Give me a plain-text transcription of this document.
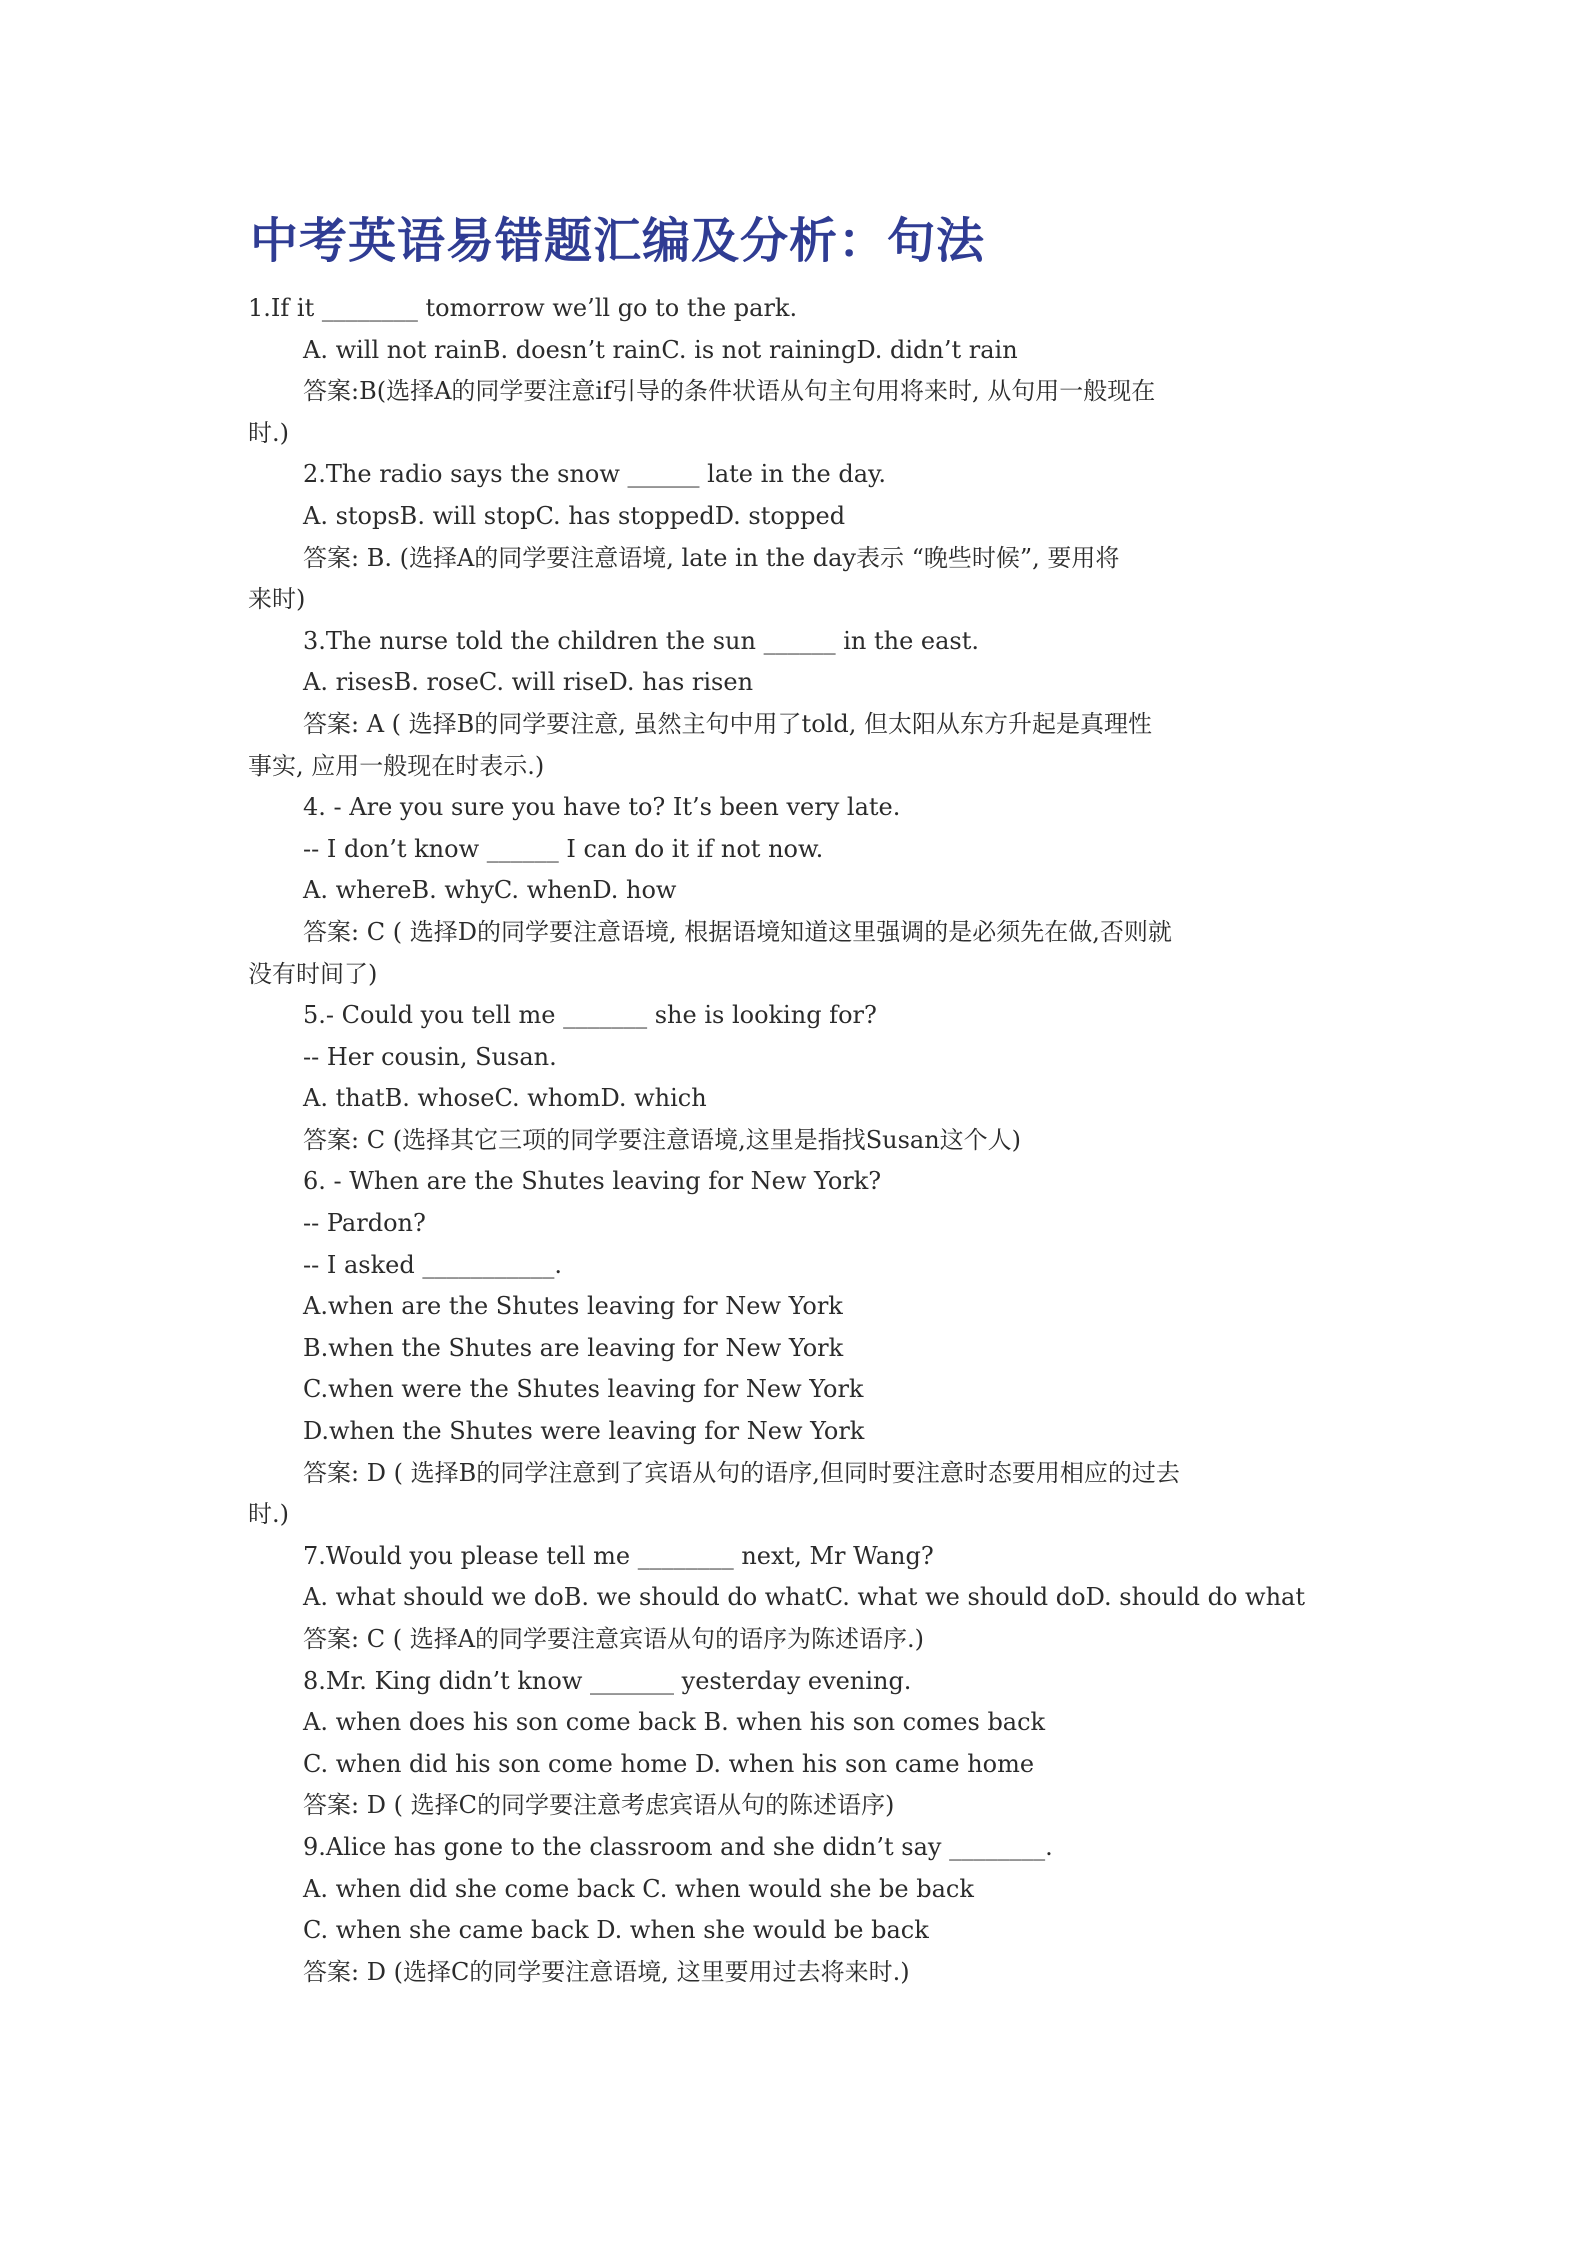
中考英语易错题汇编及分析：句法
1.If it ________ tomorrow we’ll go to the park.
A. will not rainB. doesn’t rainC. is not rainingD. didn’t rain
答案:B(选择A的同学要注意if引导的条件状语从句主句用将来时, 从句用一般现在
时.)
2.The radio says the snow ______ late in the day.
A. stopsB. will stopC. has stoppedD. stopped
答案: B. (选择A的同学要注意语境, late in the day表示 “晚些时候”, 要用将
来时)
3.The nurse told the children the sun ______ in the east.
A. risesB. roseC. will riseD. has risen
答案: A ( 选择B的同学要注意, 虽然主句中用了told, 但太阳从东方升起是真理性
事实, 应用一般现在时表示.)
4. - Are you sure you have to? It’s been very late.
-- I don’t know ______ I can do it if not now.
A. whereB. whyC. whenD. how
答案: C ( 选择D的同学要注意语境, 根据语境知道这里强调的是必须先在做,否则就
没有时间了)
5.- Could you tell me _______ she is looking for?
-- Her cousin, Susan.
A. thatB. whoseC. whomD. which
答案: C (选择其它三项的同学要注意语境,这里是指找Susan这个人)
6. - When are the Shutes leaving for New York?
-- Pardon?
-- I asked ___________.
A.when are the Shutes leaving for New York
B.when the Shutes are leaving for New York
C.when were the Shutes leaving for New York
D.when the Shutes were leaving for New York
答案: D ( 选择B的同学注意到了宾语从句的语序,但同时要注意时态要用相应的过去
时.)
7.Would you please tell me ________ next, Mr Wang?
A. what should we doB. we should do whatC. what we should doD. should do what
答案: C ( 选择A的同学要注意宾语从句的语序为陈述语序.)
8.Mr. King didn’t know _______ yesterday evening.
A. when does his son come back B. when his son comes back
C. when did his son come home D. when his son came home
答案: D ( 选择C的同学要注意考虑宾语从句的陈述语序)
9.Alice has gone to the classroom and she didn’t say ________.
A. when did she come back C. when would she be back
C. when she came back D. when she would be back
答案: D (选择C的同学要注意语境, 这里要用过去将来时.)
